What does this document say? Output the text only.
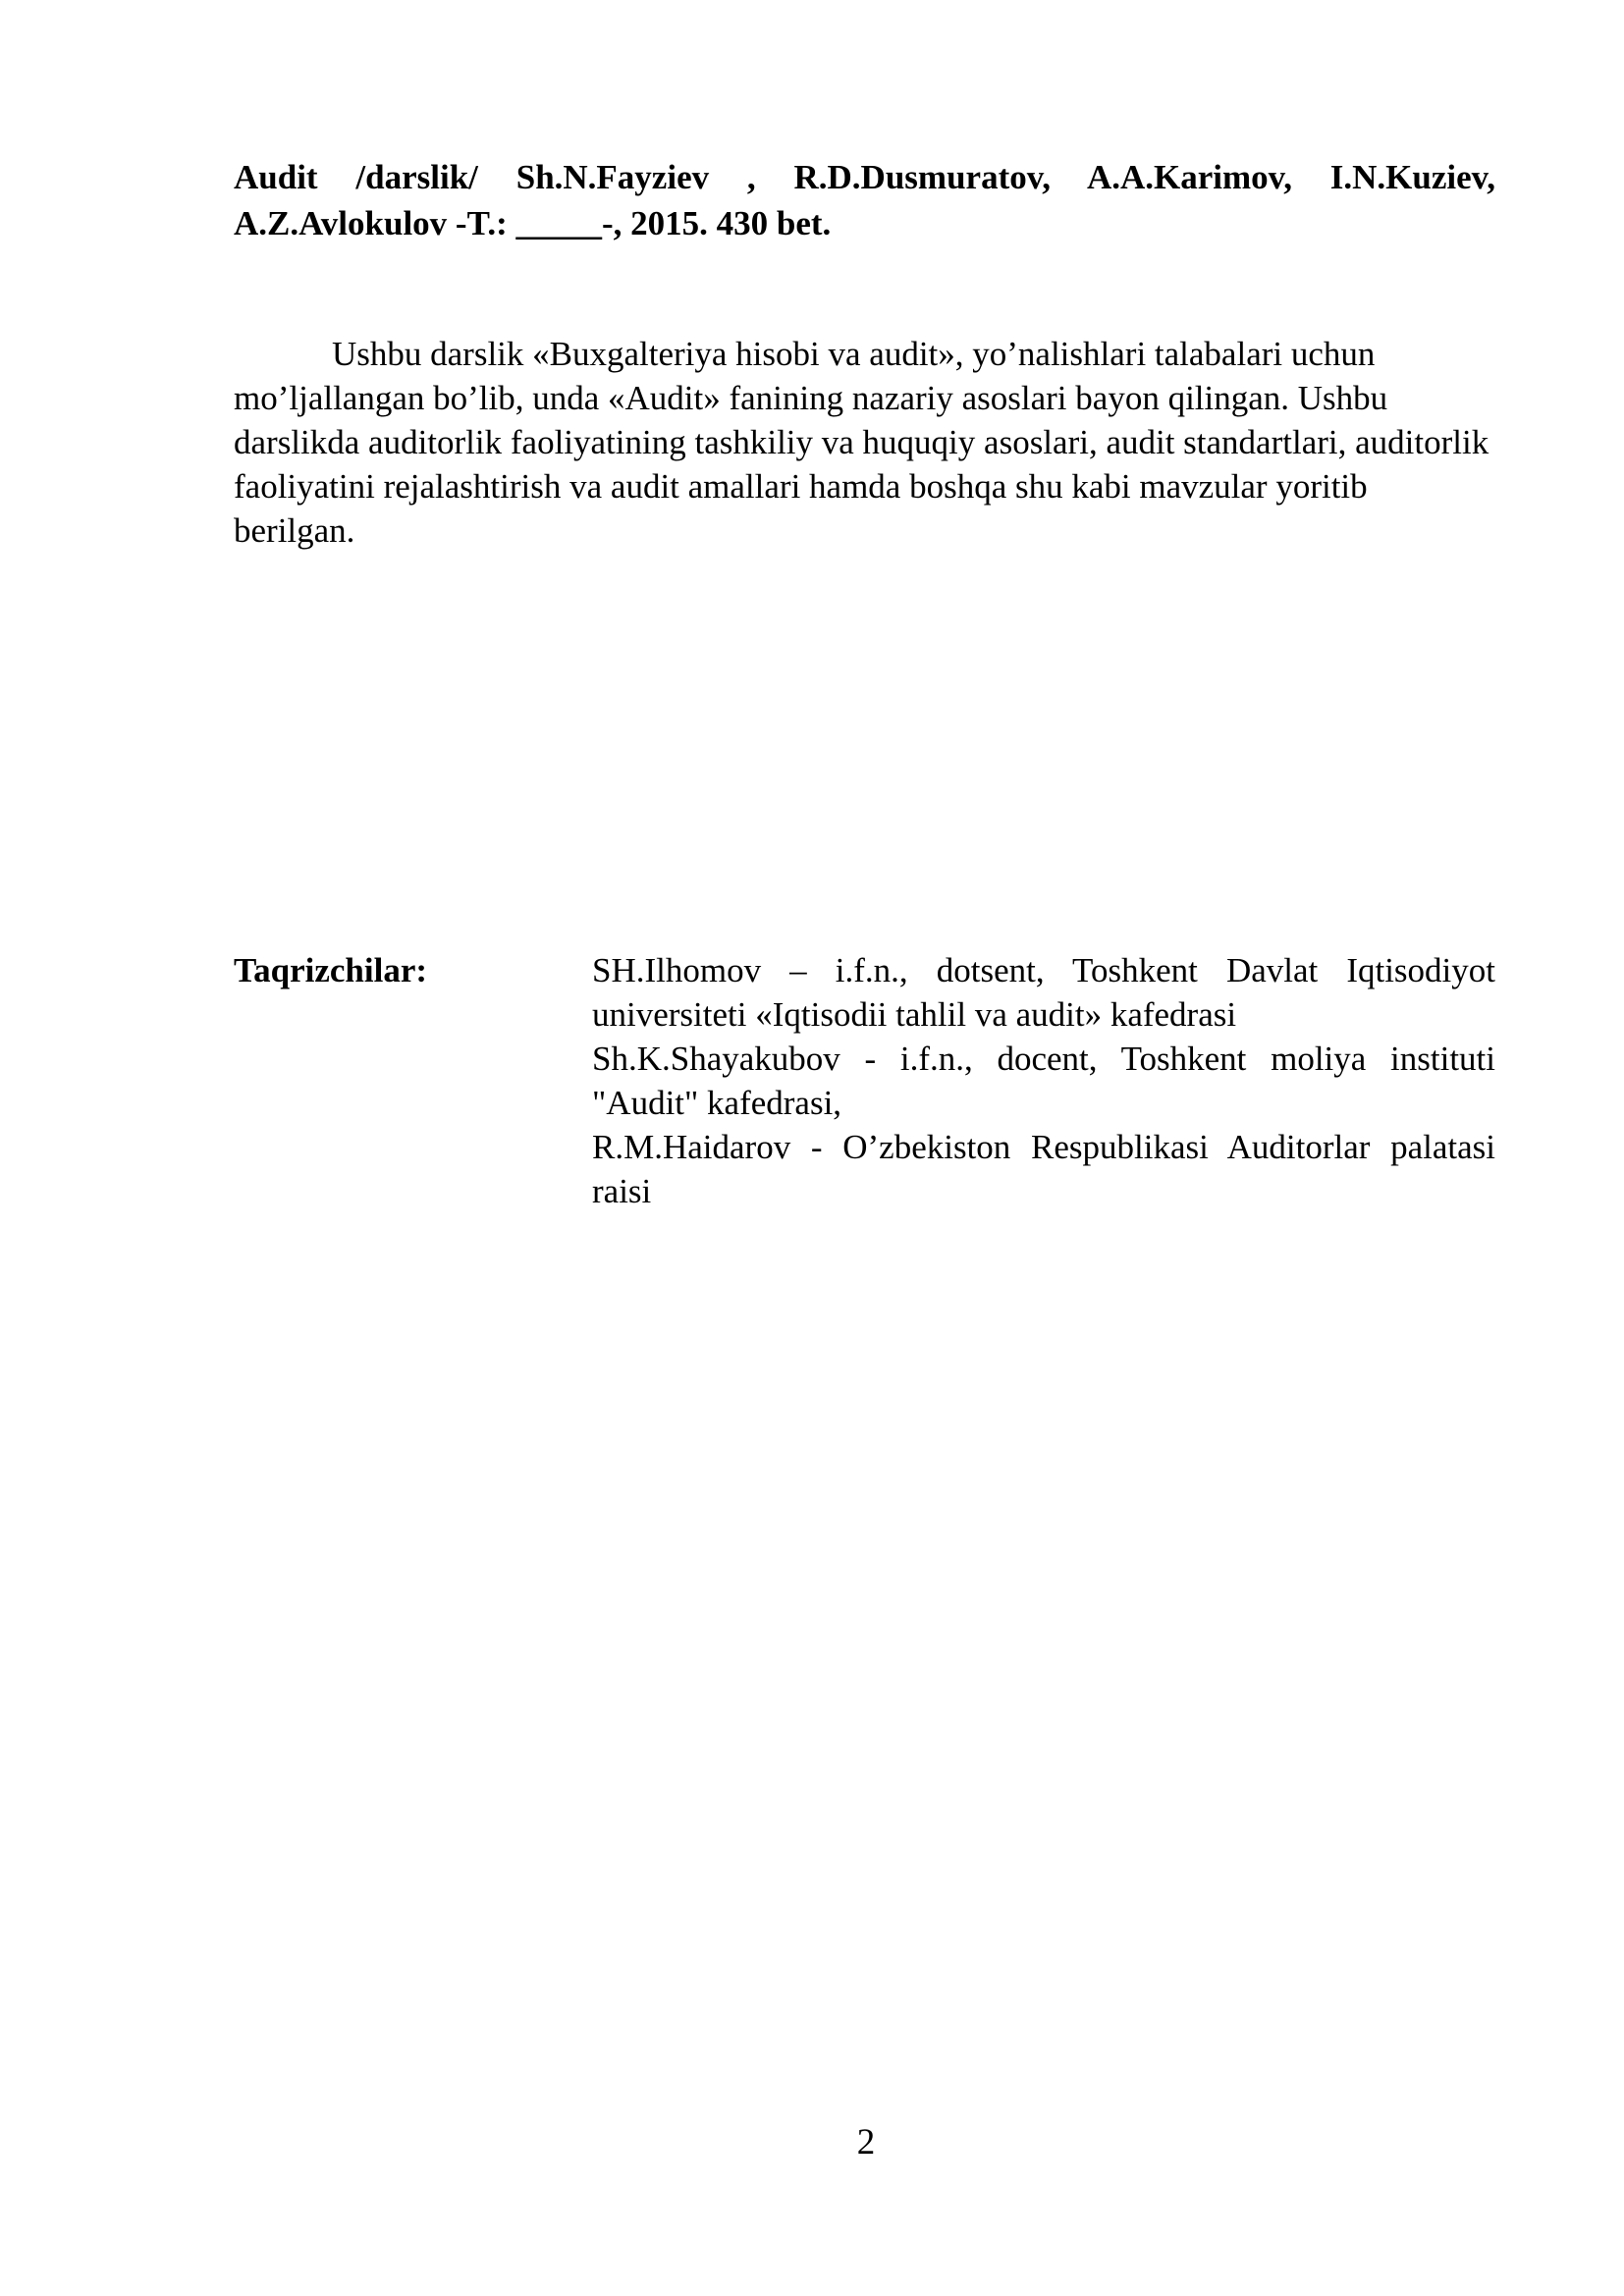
Audit /darslik/ Sh.N.Fayziev , R.D.Dusmuratov, A.A.Karimov, I.N.Kuziev, A.Z.Avlokulov -T.: _____-, 2015. 430 bet.

Ushbu darslik «Buxgalteriya hisobi va audit», yo’nalishlari talabalari uchun mo’ljallangan bo’lib, unda «Audit» fanining nazariy asoslari bayon qilingan. Ushbu darslikda auditorlik faoliyatining tashkiliy va huquqiy asoslari, audit standartlari, auditorlik faoliyatini rejalashtirish va audit amallari hamda boshqa shu kabi mavzular yoritib berilgan.

Taqrizchilar:	SH.Ilhomov – i.f.n., dotsent, Toshkent Davlat Iqtisodiyot universiteti «Iqtisodii tahlil va audit» kafedrasi
Sh.K.Shayakubov - i.f.n., docent, Toshkent moliya instituti "Audit" kafedrasi,
R.M.Haidarov - O’zbekiston Respublikasi Auditorlar palatasi raisi
2
